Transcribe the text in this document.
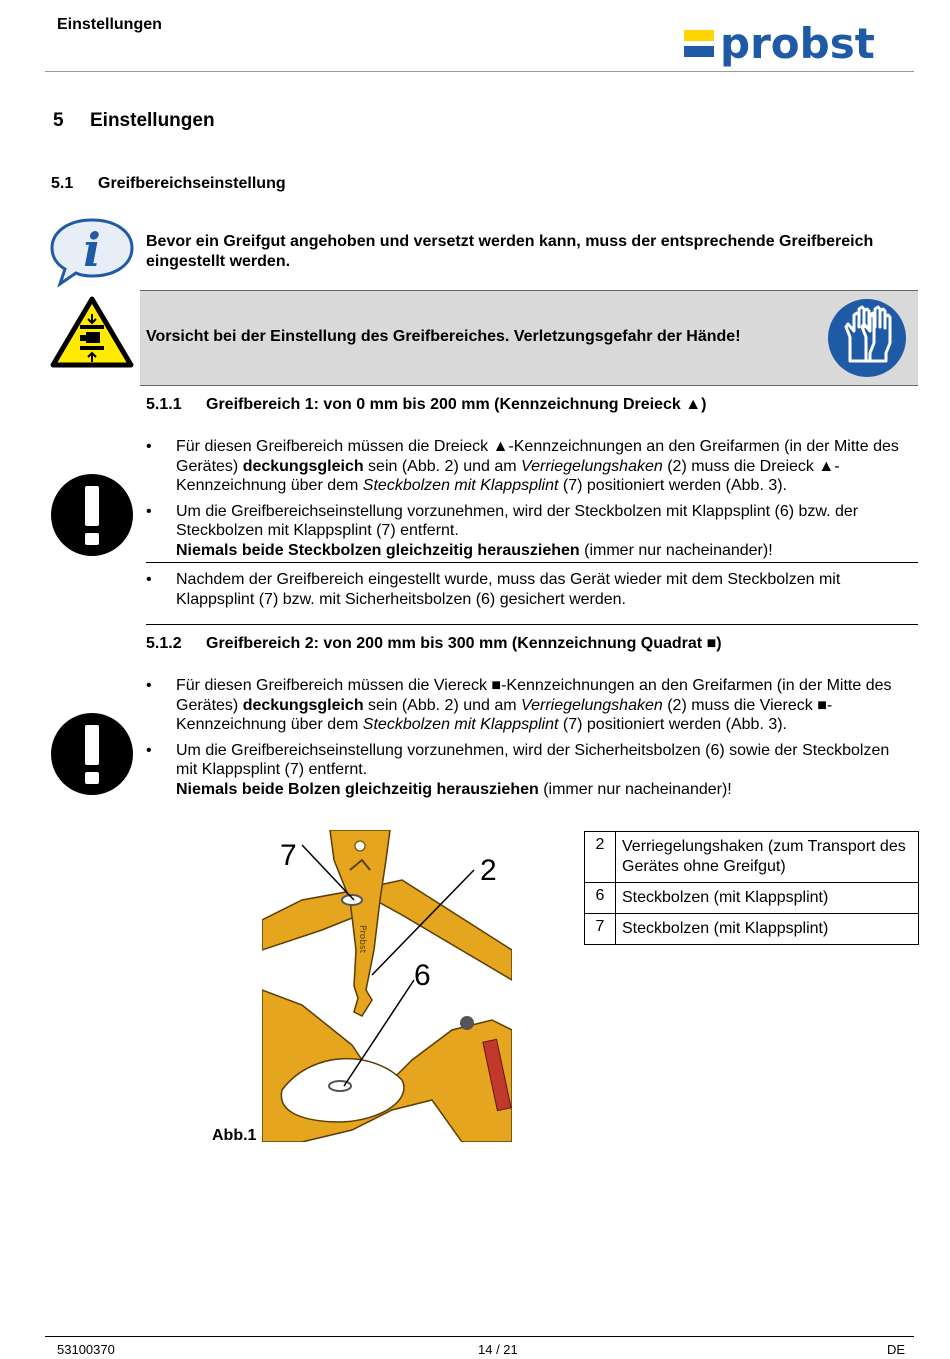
Einstellungen	probst
5 Einstellungen
5.1 Greifbereichseinstellung
i	Bevor ein Greifgut angehoben und versetzt werden kann, muss der entsprechende Greifbereich eingestellt werden.
Vorsicht bei der Einstellung des Greifbereiches. Verletzungsgefahr der Hände!
5.1.1 Greifbereich 1: von 0 mm bis 200 mm (Kennzeichnung Dreieck ▲)
• Für diesen Greifbereich müssen die Dreieck ▲-Kennzeichnungen an den Greifarmen (in der Mitte des Gerätes) deckungsgleich sein (Abb. 2) und am Verriegelungshaken (2) muss die Dreieck ▲-Kennzeichnung über dem Steckbolzen mit Klappsplint (7) positioniert werden (Abb. 3).
• Um die Greifbereichseinstellung vorzunehmen, wird der Steckbolzen mit Klappsplint (6) bzw. der Steckbolzen mit Klappsplint (7) entfernt.
Niemals beide Steckbolzen gleichzeitig herausziehen (immer nur nacheinander)!
• Nachdem der Greifbereich eingestellt wurde, muss das Gerät wieder mit dem Steckbolzen mit Klappsplint (7) bzw. mit Sicherheitsbolzen (6) gesichert werden.
5.1.2 Greifbereich 2: von 200 mm bis 300 mm (Kennzeichnung Quadrat ■)
• Für diesen Greifbereich müssen die Viereck ■-Kennzeichnungen an den Greifarmen (in der Mitte des Gerätes) deckungsgleich sein (Abb. 2) und am Verriegelungshaken (2) muss die Viereck ■-Kennzeichnung über dem Steckbolzen mit Klappsplint (7) positioniert werden (Abb. 3).
• Um die Greifbereichseinstellung vorzunehmen, wird der Sicherheitsbolzen (6) sowie der Steckbolzen mit Klappsplint (7) entfernt.
Niemals beide Bolzen gleichzeitig herausziehen (immer nur nacheinander)!
Probst
7	2
6
Abb.1
2	Verriegelungshaken (zum Transport des Gerätes ohne Greifgut)
6	Steckbolzen (mit Klappsplint)
7	Steckbolzen (mit Klappsplint)
53100370	14 / 21	DE
